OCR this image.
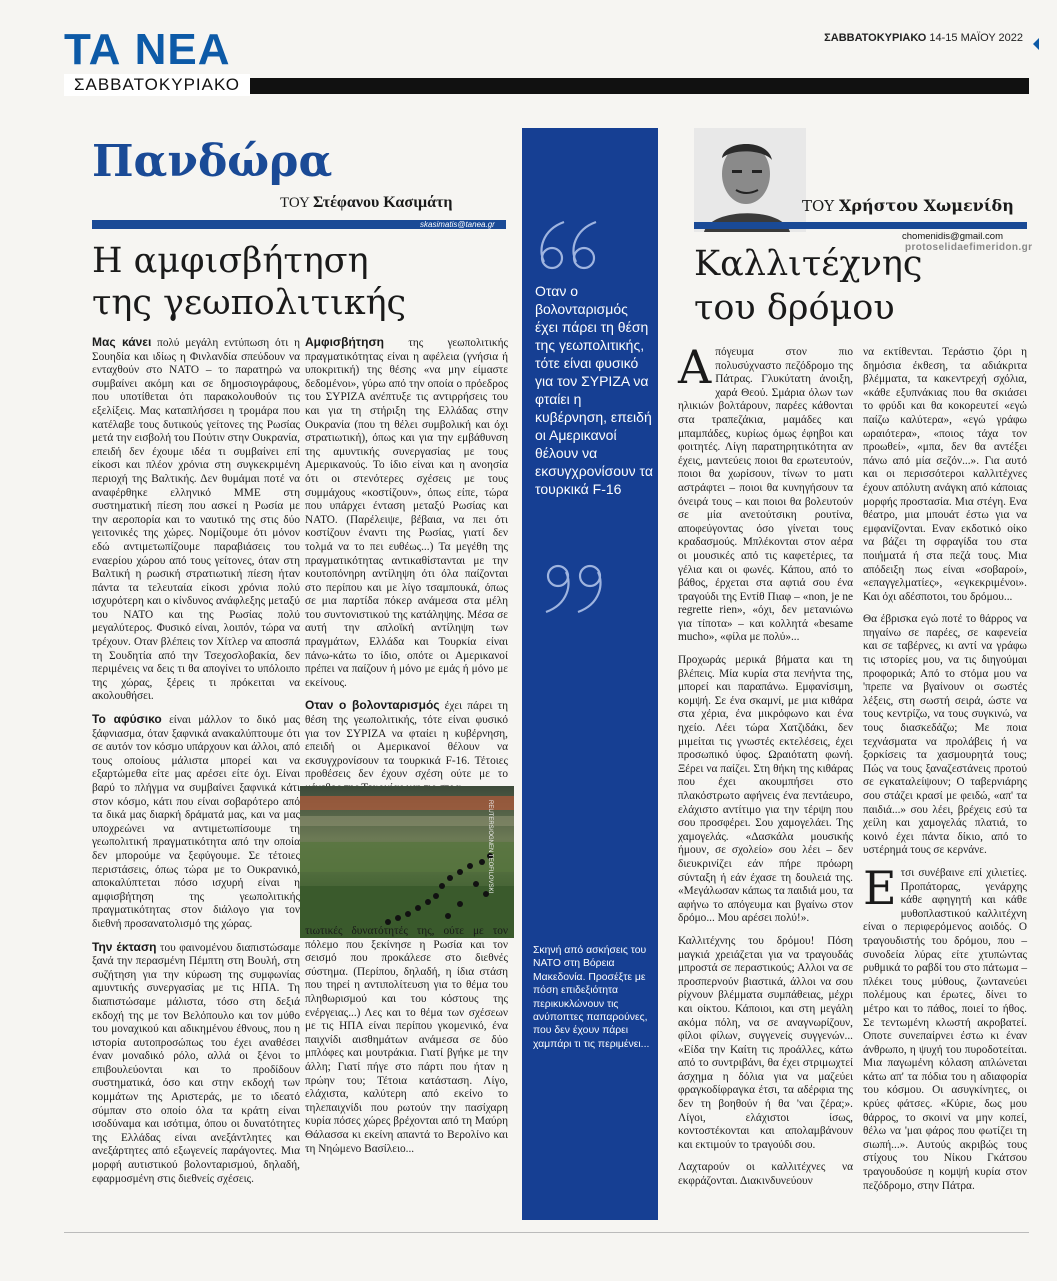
ΤΑ ΝΕΑ
ΣΑΒΒΑΤΟΚΥΡΙΑΚΟ
ΣΑΒΒΑΤΟΚΥΡΙΑΚΟ 14-15 ΜΑΪΟΥ 2022
Πανδώρα
ΤΟΥ Στέφανου Κασιμάτη
skasimatis@tanea.gr
Η αμφισβήτηση
της γεωπολιτικής

Μας κάνει πολύ μεγάλη εντύπωση ότι η Σουηδία και ιδίως η Φινλανδία σπεύδουν να ενταχθούν στο ΝΑΤΟ – το παρατηρώ να συμβαίνει ακόμη και σε δημοσιογράφους, που υποτίθεται ότι παρακολουθούν τις εξελίξεις. Μας καταπλήσσει η τρομάρα που κατέλαβε τους δυτικούς γείτονες της Ρωσίας μετά την εισβολή του Πούτιν στην Ουκρανία, επειδή δεν έχουμε ιδέα τι συμβαίνει επί είκοσι και πλέον χρόνια στη συγκεκριμένη περιοχή της Βαλτικής. Δεν θυμάμαι ποτέ να αναφέρθηκε ελληνικό ΜΜΕ στη συστηματική πίεση που ασκεί η Ρωσία με την αεροπορία και το ναυτικό της στις δύο γειτονικές της χώρες. Νομίζουμε ότι μόνον εδώ αντιμετωπίζουμε παραβιάσεις του εναερίου χώρου από τους γείτονες, όταν στη Βαλτική η ρωσική στρατιωτική πίεση ήταν πάντα τα τελευταία είκοσι χρόνια πολύ ισχυρότερη και ο κίνδυνος ανάφλεξης μεταξύ του ΝΑΤΟ και της Ρωσίας πολύ μεγαλύτερος. Φυσικό είναι, λοιπόν, τώρα να τρέχουν. Οταν βλέπεις τον Χίτλερ να αποσπά τη Σουδητία από την Τσεχοσλοβακία, δεν περιμένεις να δεις τι θα απογίνει το υπόλοιπο της χώρας, ξέρεις τι πρόκειται να ακολουθήσει.

Το αφύσικο είναι μάλλον το δικό μας ξάφνιασμα, όταν ξαφνικά ανακαλύπτουμε ότι σε αυτόν τον κόσμο υπάρχουν και άλλοι, από τους οποίους μάλιστα μπορεί και να εξαρτώμεθα είτε μας αρέσει είτε όχι. Είναι βαρύ το πλήγμα να συμβαίνει ξαφνικά κάτι στον κόσμο, κάτι που είναι σοβαρότερο από τα δικά μας διαρκή δράματά μας, και να μας υποχρεώνει να αντιμετωπίσουμε τη γεωπολιτική πραγματικότητα από την οποία δεν μπορούμε να ξεφύγουμε. Σε τέτοιες περιστάσεις, όπως τώρα με το Ουκρανικό, αποκαλύπτεται πόσο ισχυρή είναι η αμφισβήτηση της γεωπολιτικής πραγματικότητας στον διάλογο για τον διεθνή προσανατολισμό της χώρας.

Την έκταση του φαινομένου διαπιστώσαμε ξανά την περασμένη Πέμπτη στη Βουλή, στη συζήτηση για την κύρωση της συμφωνίας αμυντικής συνεργασίας με τις ΗΠΑ. Τη διαπιστώσαμε μάλιστα, τόσο στη δεξιά εκδοχή της με τον Βελόπουλο και τον μύθο του μοναχικού και αδικημένου έθνους, που η ιστορία αυτοπροσώπως του έχει αναθέσει έναν μοναδικό ρόλο, αλλά οι ξένοι το επιβουλεύονται και το προδίδουν συστηματικά, όσο και στην εκδοχή των κομμάτων της Αριστεράς, με το ιδεατό σύμπαν στο οποίο όλα τα κράτη είναι ισοδύναμα και ισότιμα, όπου οι δυνατότητες της Ελλάδας είναι ανεξάντλητες και ανεξάρτητες από εξωγενείς παράγοντες. Μια μορφή αυτιστικού βολονταρισμού, δηλαδή, εφαρμοσμένη στις διεθνείς σχέσεις.

Αμφισβήτηση της γεωπολιτικής πραγματικότητας είναι η αφέλεια (γνήσια ή υποκριτική) της θέσης «να μην είμαστε δεδομένοι», γύρω από την οποία ο πρόεδρος του ΣΥΡΙΖΑ ανέπτυξε τις αντιρρήσεις του και για τη στήριξη της Ελλάδας στην Ουκρανία (που τη θέλει συμβολική και όχι στρατιωτική), όπως και για την εμβάθυνση της αμυντικής συνεργασίας με τους Αμερικανούς. Το ίδιο είναι και η ανοησία ότι οι στενότερες σχέσεις με τους συμμάχους «κοστίζουν», όπως είπε, τώρα που υπάρχει ένταση μεταξύ Ρωσίας και ΝΑΤΟ. (Παρέλειψε, βέβαια, να πει ότι κοστίζουν έναντι της Ρωσίας, γιατί δεν τολμά να το πει ευθέως...) Τα μεγέθη της πραγματικότητας αντικαθίστανται με την κουτοπόνηρη αντίληψη ότι όλα παίζονται στο περίπου και με λίγο τσαμπουκά, όπως σε μια παρτίδα πόκερ ανάμεσα στα μέλη του συντονιστικού της κατάληψης. Μέσα σε αυτή την απλοϊκή αντίληψη των πραγμάτων, Ελλάδα και Τουρκία είναι πάνω-κάτω το ίδιο, οπότε οι Αμερικανοί πρέπει να παίζουν ή μόνο με εμάς ή μόνο με εκείνους.

Οταν ο βολονταρισμός έχει πάρει τη θέση της γεωπολιτικής, τότε είναι φυσικό για τον ΣΥΡΙΖΑ να φταίει η κυβέρνηση, επειδή οι Αμερικανοί θέλουν να εκσυγχρονίσουν τα τουρκικά F-16. Τέτοιες προθέσεις δεν έχουν σχέση ούτε με το

REUTERS/OGNEN TEOFILOVSKI

τιωτικές δυνατότητές της, ούτε με τον πόλεμο που ξεκίνησε η Ρωσία και τον σεισμό που προκάλεσε στο διεθνές σύστημα. (Περίπου, δηλαδή, η ίδια στάση που τηρεί η αντιπολίτευση για το θέμα του πληθωρισμού και του κόστους της ενέργειας...) Λες και το θέμα των σχέσεων με τις ΗΠΑ είναι περίπου γκομενικό, ένα παιχνίδι αισθημάτων ανάμεσα σε δύο μπλόφες και μουτράκια. Γιατί βγήκε με την άλλη; Γιατί πήγε στο πάρτι που ήταν η πρώην του; Τέτοια κατάσταση. Λίγο, ελάχιστα, καλύτερη από εκείνο το τηλεπαιχνίδι που ρωτούν την πασίχαρη κυρία πόσες χώρες βρέχονται από τη Μαύρη Θάλασσα κι εκείνη απαντά το Βερολίνο και τη Νηώμενο Βασίλειο...

Οταν ο βολονταρισμός έχει πάρει τη θέση της γεωπολιτικής, τότε είναι φυσικό για τον ΣΥΡΙΖΑ να φταίει η κυβέρνηση, επειδή οι Αμερικανοί θέλουν να εκσυγχρονίσουν τα τουρκικά F-16
Σκηνή από ασκήσεις του ΝΑΤΟ στη Βόρεια Μακεδονία. Προσέξτε με πόση επιδεξιότητα περικυκλώνουν τις ανύποπτες παπαρούνες, που δεν έχουν πάρει χαμπάρι τι τις περιμένει...
ΤΟΥ Χρήστου Χωμενίδη
chomenidis@gmail.com
protoselidaefimeridon.gr
Καλλιτέχνης
του δρόμου

Απόγευμα στον πιο πολυσύχναστο πεζόδρομο της Πάτρας. Γλυκύτατη άνοιξη, χαρά Θεού. Σμάρια όλων των ηλικιών βολτάρουν, παρέες κάθονται στα τραπεζάκια, μαμάδες και μπαμπάδες, κυρίως όμως έφηβοι και φοιτητές. Λίγη παρατηρητικότητα αν έχεις, μαντεύεις ποιοι θα ερωτευτούν, ποιοι θα χωρίσουν, τίνων το ματι αστράφτει – ποιοι θα κυνηγήσουν τα όνειρά τους – και ποιοι θα βολευτούν σε μία ανετούτσικη ρουτίνα, αποφεύγοντας όσο γίνεται τους κραδασμούς. Μπλέκονται στον αέρα οι μουσικές από τις καφετέριες, τα γέλια και οι φωνές. Κάπου, από το βάθος, έρχεται στα αφτιά σου ένα τραγούδι της Εντίθ Πιαφ – «non, je ne regrette rien», «όχι, δεν μετανιώνω για τίποτα» – και κολλητά «besame mucho», «φίλα με πολύ»...

Προχωράς μερικά βήματα και τη βλέπεις. Μία κυρία στα πενήντα της, μπορεί και παραπάνω. Εμφανίσιμη, κομψή. Σε ένα σκαμνί, με μια κιθάρα στα χέρια, ένα μικρόφωνο και ένα ηχείο. Λέει τώρα Χατζιδάκι, δεν μιμείται τις γνωστές εκτελέσεις, έχει προσωπικό ύφος. Ωραιότατη φωνή. Ξέρει να παίζει. Στη θήκη της κιθάρας που έχει ακουμπήσει στο πλακόστρωτο αφήνεις ένα πεντάευρο, ελάχιστο αντίτιμο για την τέρψη που σου προσφέρει. Σου χαμογελάει. Της χαμογελάς. «Δασκάλα μουσικής ήμουν, σε σχολείο» σου λέει – δεν διευκρινίζει εάν πήρε πρόωρη σύνταξη ή εάν έχασε τη δουλειά της. «Μεγάλωσαν κάπως τα παιδιά μου, τα αφήνω το απόγευμα και βγαίνω στον δρόμο... Μου αρέσει πολύ!».

Καλλιτέχνης του δρόμου! Πόση μαγκιά χρειάζεται για να τραγουδάς μπροστά σε περαστικούς; Αλλοι να σε προσπερνούν βιαστικά, άλλοι να σου ρίχνουν βλέμματα συμπάθειας, μέχρι και οίκτου. Κάποιοι, και στη μεγάλη ακόμα πόλη, να σε αναγνωρίζουν, φίλοι φίλων, συγγενείς συγγενών... «Είδα την Καίτη τις προάλλες, κάτω από το συντριβάνι, θα έχει στριμωχτεί άσχημα η δόλια για να μαζεύει φραγκοδίφραγκα έτσι, τα αδέρφια της δεν τη βοηθούν ή θα 'ναι ζέρα;». Λίγοι, ελάχιστοι ίσως, κοντοστέκονται και απολαμβάνουν και εκτιμούν το τραγούδι σου.

Λαχταρούν οι καλλιτέχνες να εκφράζονται. Διακινδυνεύουν

να εκτίθενται. Τεράστιο ζόρι η δημόσια έκθεση, τα αδιάκριτα βλέμματα, τα κακεντρεχή σχόλια, «κάθε εξυπνάκιας που θα σκιάσει το φρύδι και θα κοκορευτεί «εγώ παίζω καλύτερα», «εγώ γράφω ωραιότερα», «ποιος τάχα τον προωθεί», «μπα, δεν θα αντέξει πάνω από μία σεζόν...». Για αυτό και οι περισσότεροι καλλιτέχνες έχουν απόλυτη ανάγκη από κάποιας μορφής προστασία. Μια στέγη. Ενα θέατρο, μια μπουάτ έστω για να εμφανίζονται. Εναν εκδοτικό οίκο να βάζει τη σφραγίδα του στα ποιήματά ή στα πεζά τους. Μια απόδειξη πως είναι «σοβαροί», «επαγγελματίες», «εγκεκριμένοι». Και όχι αδέσποτοι, του δρόμου...

Θα έβρισκα εγώ ποτέ το θάρρος να πηγαίνω σε παρέες, σε καφενεία και σε ταβέρνες, κι αντί να γράφω τις ιστορίες μου, να τις διηγούμαι προφορικά; Από το στόμα μου να 'πρεπε να βγαίνουν οι σωστές λέξεις, στη σωστή σειρά, ώστε να τους κεντρίζω, να τους συγκινώ, να τους διασκεδάζω; Με ποια τεχνάσματα να προλάβεις ή να ξορκίσεις τα χασμουρητά τους; Πώς να τους ξαναζεστάνεις προτού σε εγκαταλείψουν; Ο ταβερνιάρης σου στάζει κρασί με φειδώ, «απ' τα παιδιά...» σου λέει, βρέχεις εσύ τα χείλη και χαμογελάς πλατιά, το κοινό έχει πάντα δίκιο, από το υστέρημά τους σε κερνάνε.

Ετσι συνέβαινε επί χιλιετίες. Προπάτορας, γενάρχης κάθε αφηγητή και κάθε μυθοπλαστικού καλλιτέχνη είναι ο περιφερόμενος αοιδός. Ο τραγουδιστής του δρόμου, που – συνοδεία λύρας είτε χτυπώντας ρυθμικά το ραβδί του στο πάτωμα – πλέκει τους μύθους, ζωντανεύει πολέμους και έρωτες, δίνει το μέτρο και το πάθος, ποιεί το ήθος. Σε τεντωμένη κλωστή ακροβατεί. Οποτε συνεπαίρνει έστω κι έναν άνθρωπο, η ψυχή του πυροδοτείται. Μια παγωμένη κόλαση απλώνεται κάτω απ' τα πόδια του η αδιαφορία του κόσμου. Οι ασυγκίνητες, οι κρύες φάτσες. «Κύριε, δως μου θάρρος, το σκοινί να μην κοπεί, θέλω να 'μαι φάρος που φωτίζει τη σιωπή...». Αυτούς ακριβώς τους στίχους του Νίκου Γκάτσου τραγουδούσε η κομψή κυρία στον πεζόδρομο, στην Πάτρα.
